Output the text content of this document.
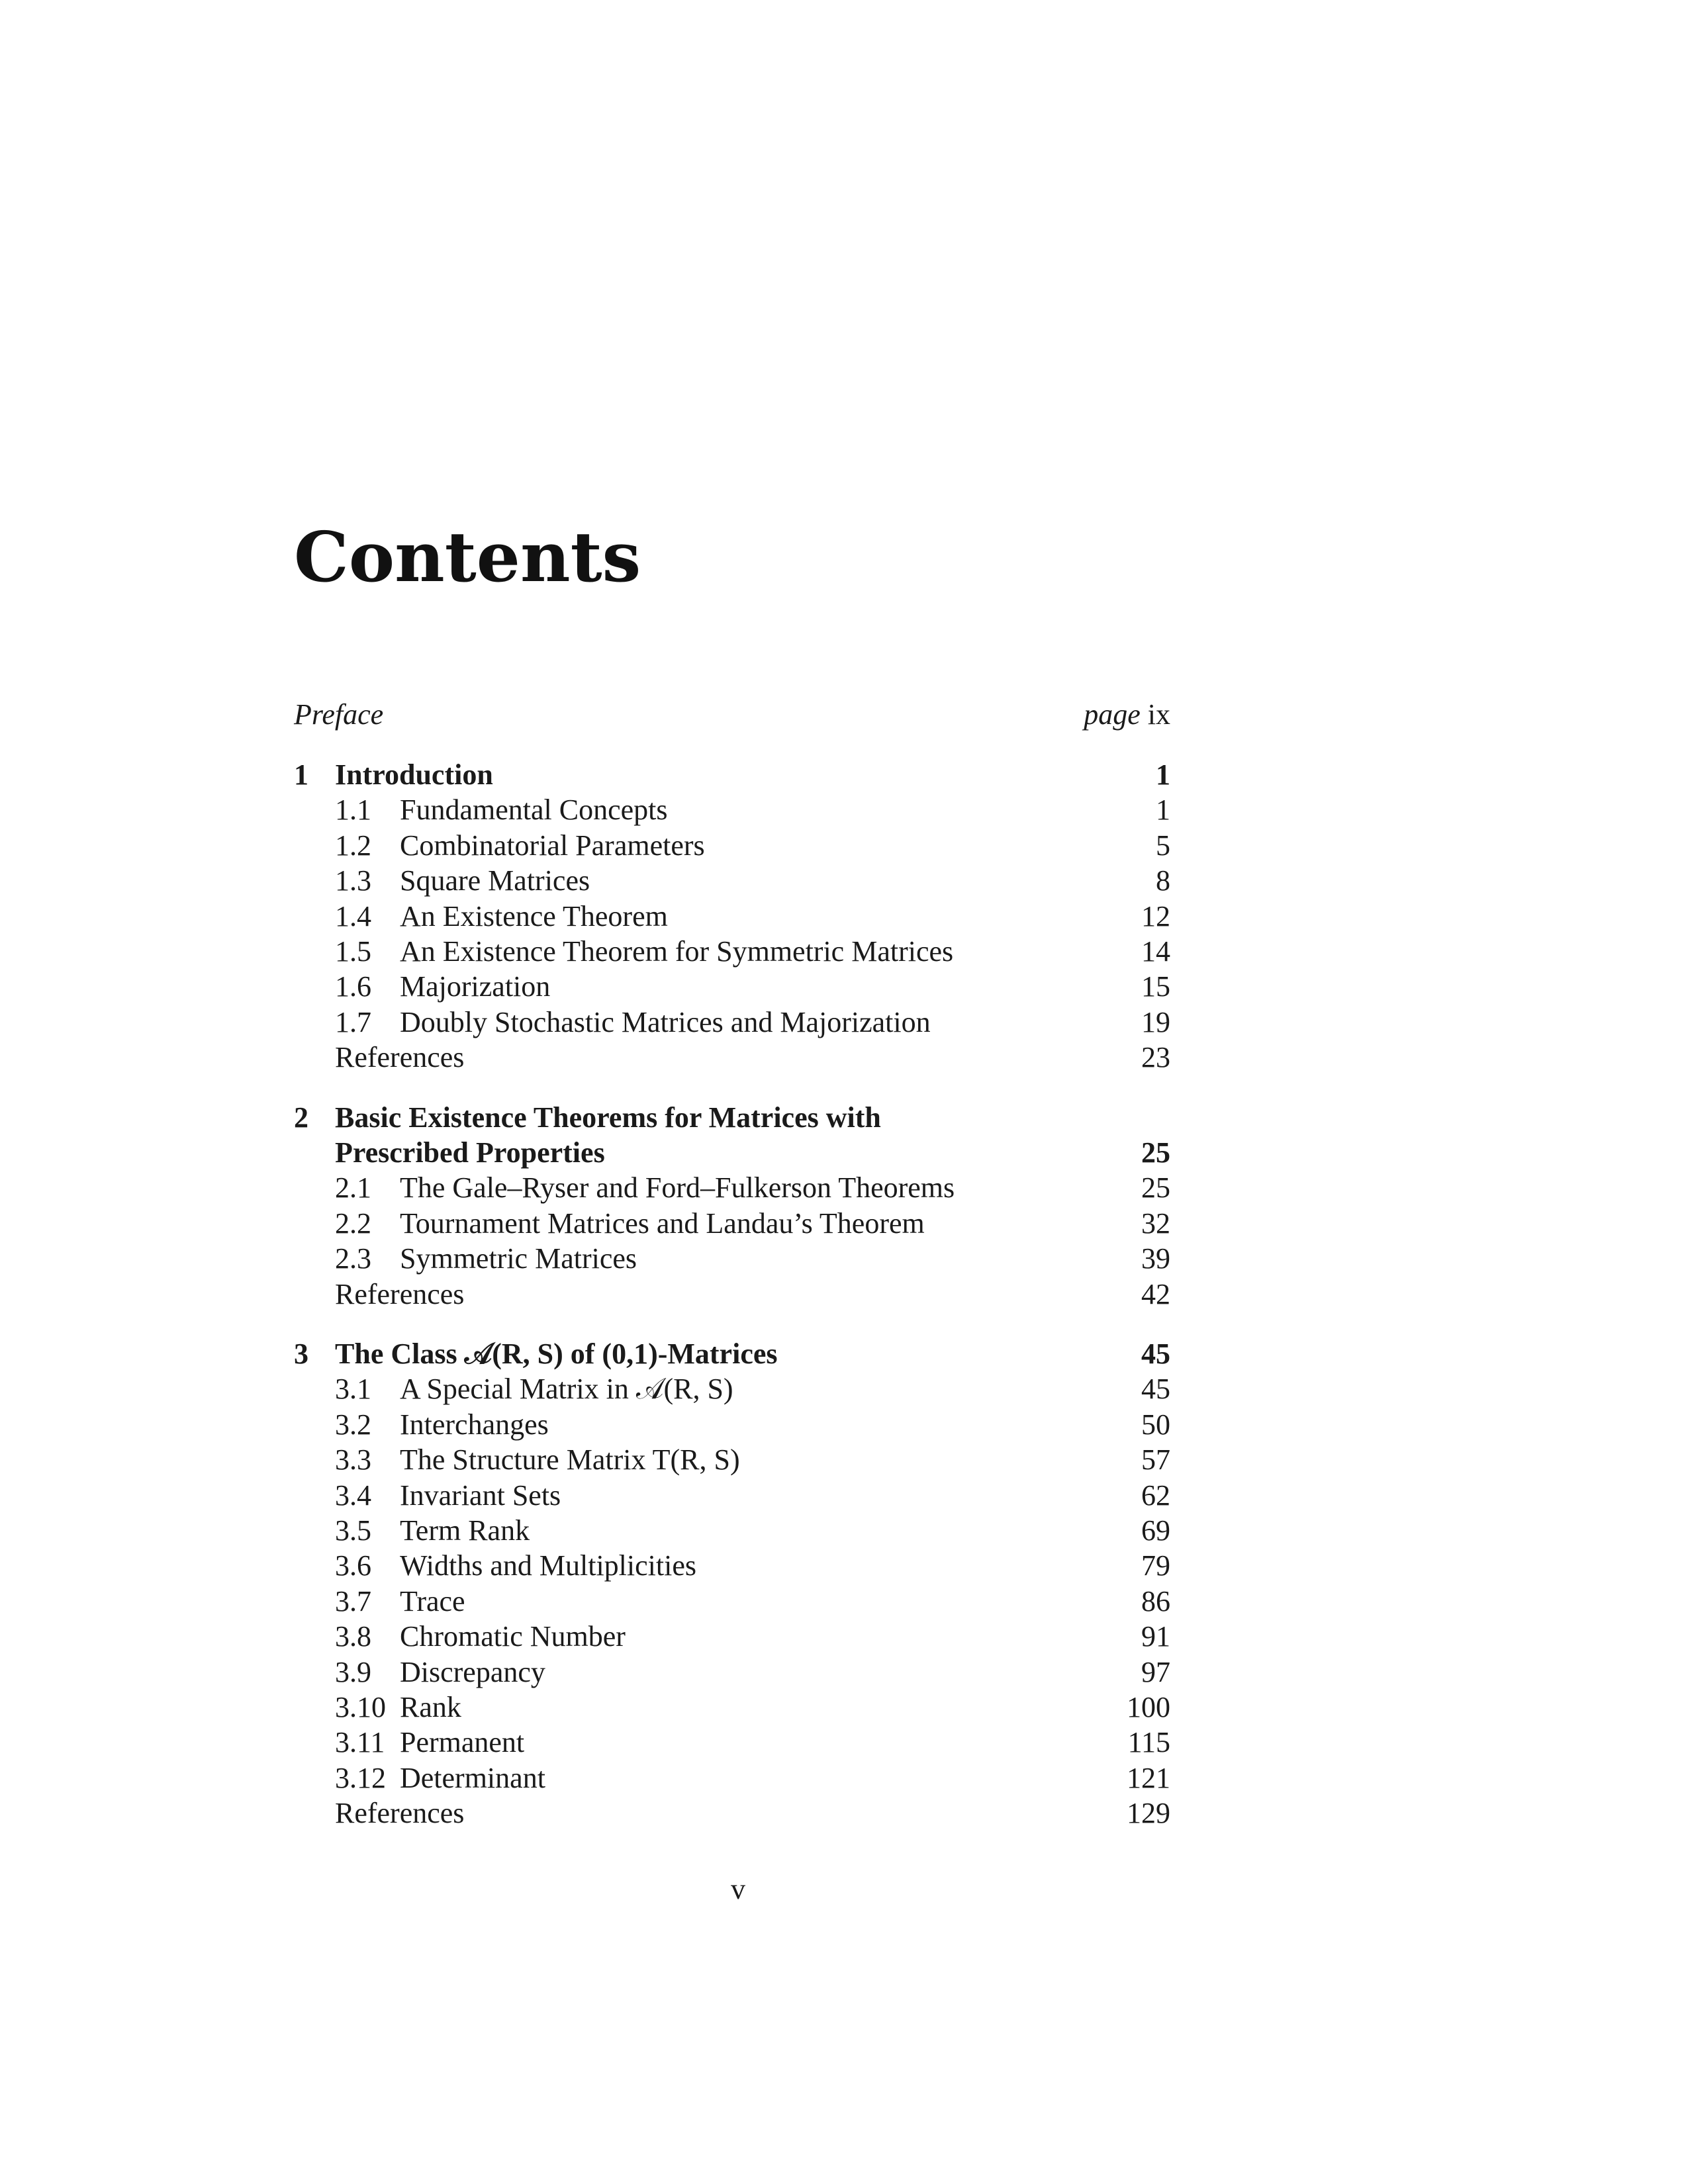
Contents
Preface	page ix
1 Introduction	1
1.1 Fundamental Concepts	1
1.2 Combinatorial Parameters	5
1.3 Square Matrices	8
1.4 An Existence Theorem	12
1.5 An Existence Theorem for Symmetric Matrices	14
1.6 Majorization	15
1.7 Doubly Stochastic Matrices and Majorization	19
References	23
2 Basic Existence Theorems for Matrices with
Prescribed Properties	25
2.1 The Gale–Ryser and Ford–Fulkerson Theorems	25
2.2 Tournament Matrices and Landau’s Theorem	32
2.3 Symmetric Matrices	39
References	42
3 The Class 𝒜(R, S) of (0,1)-Matrices	45
3.1 A Special Matrix in 𝒜(R, S)	45
3.2 Interchanges	50
3.3 The Structure Matrix T(R, S)	57
3.4 Invariant Sets	62
3.5 Term Rank	69
3.6 Widths and Multiplicities	79
3.7 Trace	86
3.8 Chromatic Number	91
3.9 Discrepancy	97
3.10 Rank	100
3.11 Permanent	115
3.12 Determinant	121
References	129
v
